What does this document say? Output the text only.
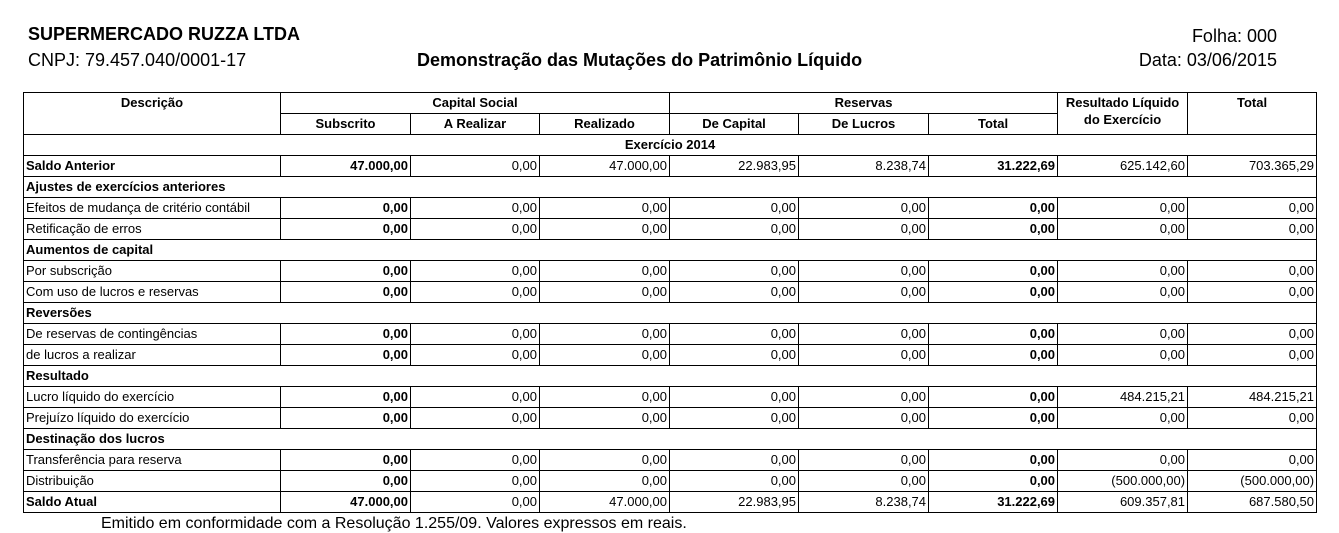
SUPERMERCADO RUZZA LTDA
CNPJ: 79.457.040/0001-17	Demonstração das Mutações do Patrimônio Líquido
Folha: 000
Data: 03/06/2015
Descrição	Capital Social			Reservas			Resultado Líquido
do Exercício	Total
	Subscrito	A Realizar	Realizado	De Capital	De Lucros	Total		
Exercício 2014								
Saldo Anterior	47.000,00	0,00	47.000,00	22.983,95	8.238,74	31.222,69	625.142,60	703.365,29
Ajustes de exercícios anteriores								
Efeitos de mudança de critério contábil	0,00	0,00	0,00	0,00	0,00	0,00	0,00	0,00
Retificação de erros	0,00	0,00	0,00	0,00	0,00	0,00	0,00	0,00
Aumentos de capital								
Por subscrição	0,00	0,00	0,00	0,00	0,00	0,00	0,00	0,00
Com uso de lucros e reservas	0,00	0,00	0,00	0,00	0,00	0,00	0,00	0,00
Reversões								
De reservas de contingências	0,00	0,00	0,00	0,00	0,00	0,00	0,00	0,00
de lucros a realizar	0,00	0,00	0,00	0,00	0,00	0,00	0,00	0,00
Resultado								
Lucro líquido do exercício	0,00	0,00	0,00	0,00	0,00	0,00	484.215,21	484.215,21
Prejuízo líquido do exercício	0,00	0,00	0,00	0,00	0,00	0,00	0,00	0,00
Destinação dos lucros								
Transferência para reserva	0,00	0,00	0,00	0,00	0,00	0,00	0,00	0,00
Distribuição	0,00	0,00	0,00	0,00	0,00	0,00	(500.000,00)	(500.000,00)
Saldo Atual	47.000,00	0,00	47.000,00	22.983,95	8.238,74	31.222,69	609.357,81	687.580,50
Emitido em conformidade com a Resolução 1.255/09. Valores expressos em reais.
